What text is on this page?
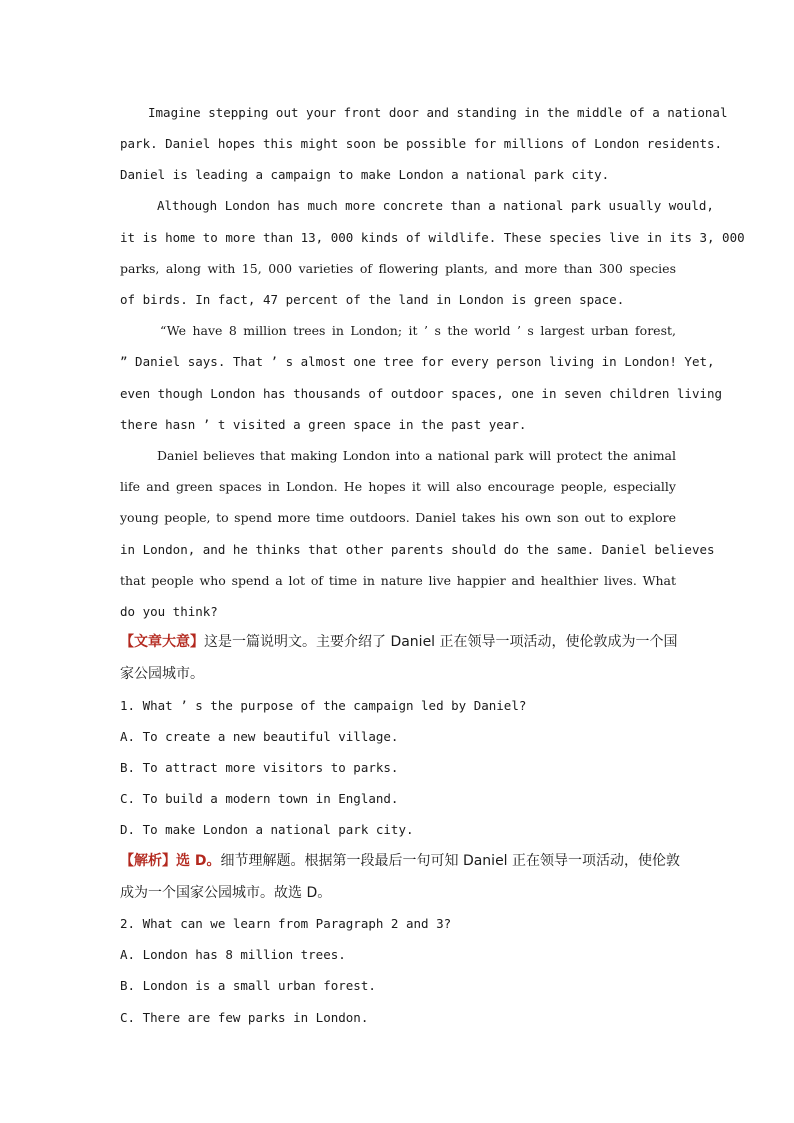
Imagine stepping out your front door and standing in the middle of a national
park. Daniel hopes this might soon be possible for millions of London residents.
Daniel is leading a campaign to make London a national park city.
Although London has much more concrete than a national park usually would,
it is home to more than 13, 000 kinds of wildlife. These species live in its 3, 000
parks, along with 15, 000 varieties of flowering plants, and more than 300 species
of birds. In fact, 47 percent of the land in London is green space.
“We have 8 million trees in London; it ’ s the world ’ s largest urban forest,
” Daniel says. That ’ s almost one tree for every person living in London! Yet,
even though London has thousands of outdoor spaces, one in seven children living
there hasn ’ t visited a green space in the past year.
Daniel believes that making London into a national park will protect the animal
life and green spaces in London. He hopes it will also encourage people, especially
young people, to spend more time outdoors. Daniel takes his own son out to explore
in London, and he thinks that other parents should do the same. Daniel believes
that people who spend a lot of time in nature live happier and healthier lives. What
do you think?
【文章大意】这是一篇说明文。主要介绍了 Daniel 正在领导一项活动，使伦敦成为一个国
家公园城市。
1. What ’ s the purpose of the campaign led by Daniel?
A. To create a new beautiful village.
B. To attract more visitors to parks.
C. To build a modern town in England.
D. To make London a national park city.
【解析】选 D。细节理解题。根据第一段最后一句可知 Daniel 正在领导一项活动，使伦敦
成为一个国家公园城市。故选 D。
2. What can we learn from Paragraph 2 and 3?
A. London has 8 million trees.
B. London is a small urban forest.
C. There are few parks in London.
